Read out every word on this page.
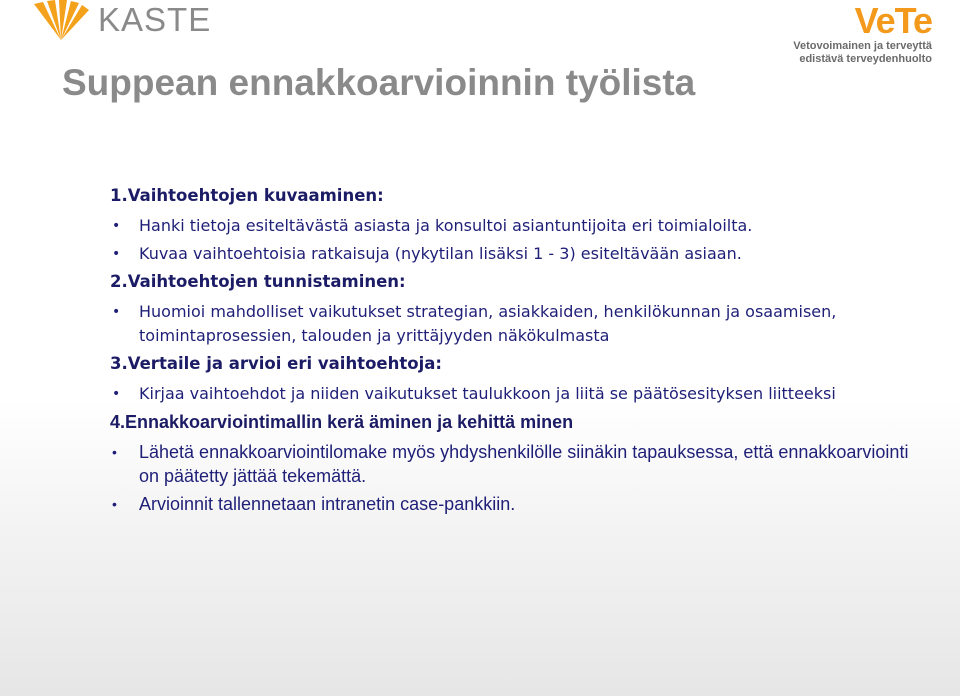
KASTE	VeTe
Vetovoimainen ja terveyttä
edistävä terveydenhuolto
Suppean ennakkoarvioinnin työlista
1.Vaihtoehtojen kuvaaminen:
• Hanki tietoja esiteltävästä asiasta ja konsultoi asiantuntijoita eri toimialoilta.
• Kuvaa vaihtoehtoisia ratkaisuja (nykytilan lisäksi 1 - 3) esiteltävään asiaan.
2.Vaihtoehtojen tunnistaminen:
• Huomioi mahdolliset vaikutukset strategian, asiakkaiden, henkilökunnan ja osaamisen, toimintaprosessien, talouden ja yrittäjyyden näkökulmasta
3.Vertaile ja arvioi eri vaihtoehtoja:
• Kirjaa vaihtoehdot ja niiden vaikutukset taulukkoon ja liitä se päätösesityksen liitteeksi
4.Ennakkoarviointimallin kerä äminen ja kehittä minen
• Lähetä ennakkoarviointilomake myös yhdyshenkilölle siinäkin tapauksessa, että ennakkoarviointi on päätetty jättää tekemättä.
• Arvioinnit tallennetaan intranetin case-pankkiin.
